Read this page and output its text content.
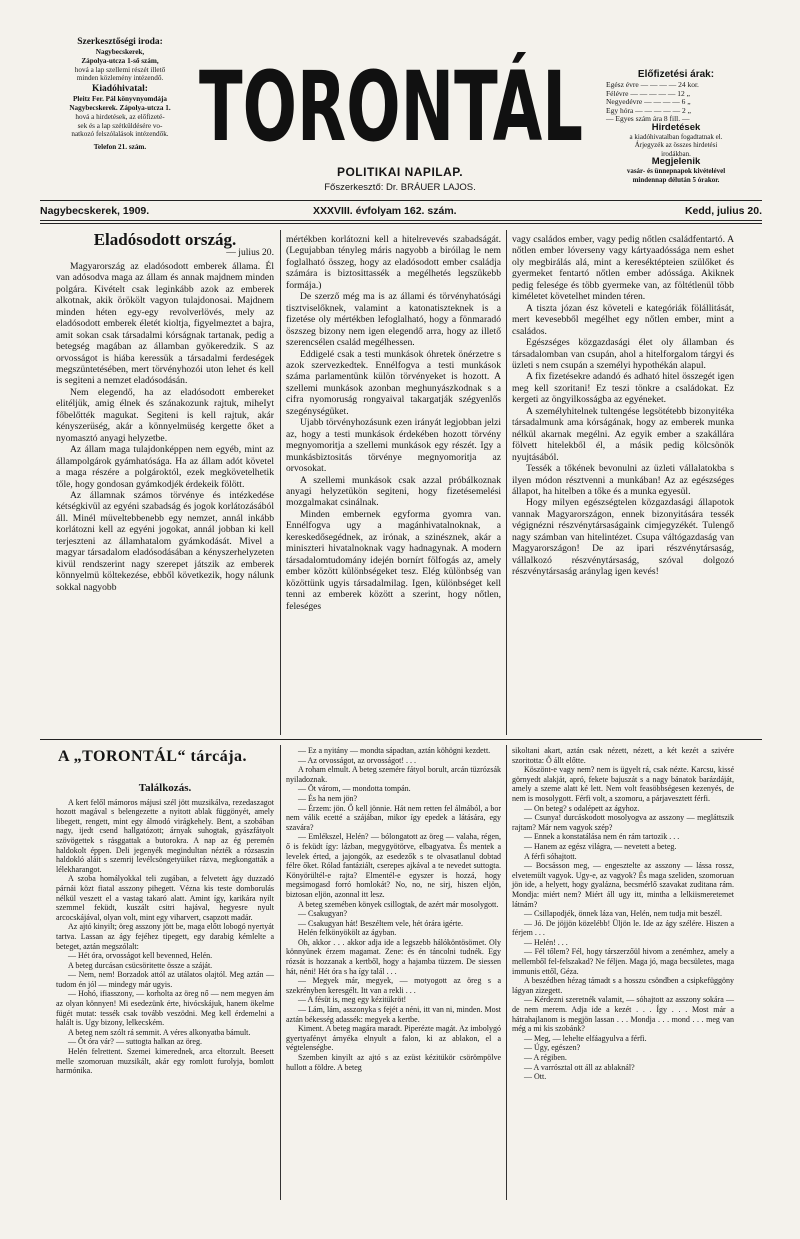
Szerkesztőségi iroda:
Nagybecskerek,
Zápolya-utcza 1-ső szám,
hová a lap szellemi részét illető
minden közlemény intézendő.
Kiadóhivatal:
Pleitz Fer. Pál könyvnyomdája
Nagybecskerek. Zápolya-utcza 1.
hová a hirdetések, az előfizeté-
sek és a lap szétküldésére vo-
natkozó felszólalások intézendők.
Telefon 21. szám. TORON
POLITIKAI NAPILAP.
Főszerkesztő: Dr. BRÁUER LAJOS.
Előfizetési árak:
Egész évre — — — — 24 kor.
Félévre — — — — — 12 „
Negyedévre — — — — 6 „
Egy hóra — — — — — 2 „
— Egyes szám ára 8 fill. —
Hirdetések
a kiadóhivatalban fogadtatnak el.
Árjegyzék az összes hirdetési
irodákban.
Megjelenik
vasár- és ünnepnapok kivételével
mindennap délután 5 órakor.
Nagybecskerek, 1909.	XXXVIII. évfolyam 162. szám.	Kedd, julius 20.
Eladósodott ország.
— julius 20.

Magyarország az eladósodott emberek állama. Él van adósodva maga az állam és annak majdnem minden polgára. Kivételt csak leginkább azok az emberek alkotnak, akik örökölt vagyon tulajdonosai. Majdnem minden héten egy-egy revolverlövés, mely az eladósodott emberek életét kioltja, figyelmeztet a bajra, amit sokan csak társadalmi kórságnak tartanak, pedig a betegség magában az államban gyökeredzik. S az orvosságot is hiába keressük a társadalmi ferdeségek megszüntetésében, mert törvényhozói uton lehet és kell is segiteni a nemzet eladósodásán.

Nem elegendő, ha az eladósodott embereket elitéljük, amig élnek és szánakozunk rajtuk, miheIyt főbelőtték magukat. Segiteni is kell rajtuk, akár kényszerüség, akár a könnyelmüség kergette őket a nyomasztó anyagi helyzetbe.

Az állam maga tulajdonképpen nem egyéb, mint az állampolgárok gyámhatósága. Ha az állam adót követel a maga részére a polgároktól, ezek megkövetelhetik tőle, hogy gondosan gyámkodjék érdekeik fölött.

Az államnak számos törvénye és intézkedése kétségkivül az egyéni szabadság és jogok korlátozásából áll. Minél müveltebbenebb egy nemzet, annál inkább korlátozni kell az egyéni jogokat, annál jobban ki kell terjeszteni az államhatalom gyámkodását. Mivel a magyar társadalom eladósodásában a kényszerhelyzeten kivül rendszerint nagy szerepet játszik az emberek könnyelmü költekezése, ebből következik, hogy nálunk sokkal nagyobb

mértékben korlátozni kell a hitelrevevés szabadságát. (Legujabban tényleg máris nagyobb a biróilag le nem foglalható összeg, hogy az eladósodott ember családja számára is biztosittassék a megélhetés legszükebb formája.)

De szerző még ma is az állami és törvényhatósági tisztviselőknek, valamint a katonatiszteknek is a fizetése oly mértékben lefoglalható, hogy a fönmaradó öszszeg bizony nem igen elegendő arra, hogy az illető szerencsélen család megélhessen.

Eddigelé csak a testi munkások óhretek önérzetre s azok szervezkedtek. Ennélfogva a testi munkások száma parlamentünk külön törvényeket is hozott. A szellemi munkások azonban meghunyászkodnak s a cifra nyomoruság rongyaival takargatják szégyenlős szegénységüket.

Ujabb törvényhozásunk ezen irányát legjobban jelzi az, hogy a testi munkások érdekében hozott törvény megnyomoritja a szellemi munkások egy részét. Igy a munkásbiztositás törvénye megnyomoritja az orvosokat.

A szellemi munkások csak azzal próbálkoznak anyagi helyzetükön segiteni, hogy fizetésemelési mozgalmakat csinálnak.

Minden embernek egyforma gyomra van. Ennélfogva ugy a magánhivatalnoknak, a kereskedősegédnek, az irónak, a szinésznek, akár a miniszteri hivatalnoknak vagy hadnagynak. A modern társadalomtudomány idején bornírt fölfogás az, amely ember között különbségeket tesz. Elég különbség van közöttünk ugyis társadalmilag. Igen, különbséget kell tenni az emberek között a szerint, hogy nőtlen, feleséges

vagy családos ember, vagy pedig nőtlen családfentartó. A nőtlen ember lóverseny vagy kártyaadóssága nem eshet oly megbirálás alá, mint a kereséktépteien szülőket és gyermeket fentartó nőtlen ember adóssága. Akiknek pedig felesége és több gyermeke van, az föltétlenül több kiméletet követelhet minden téren.

A tiszta józan ész követeli e kategóriák fölállitását, mert kevesebből megélhet egy nőtlen ember, mint a családos.

Egészséges közgazdasági élet oly államban és társadalomban van csupán, ahol a hitelforgalom tárgyi és üzleti s nem csupán a személyi hypothékán alapul.

A fix fizetésekre adandó és adható hitel összegét igen meg kell szoritani! Ez teszi tönkre a családokat. Ez kergeti az öngyilkosságba az egyéneket.

A személyhitelnek tultengése legsötétebb bizonyitéka társadalmunk ama kórságának, hogy az emberek munka nélkül akarnak megélni. Az egyik ember a szakállára fölvett hitelekből él, a másik pedig kölcsönök nyujtásából.

Tessék a tőkének bevonulni az üzleti vállalatokba s ilyen módon résztvenni a munkában! Az az egészséges állapot, ha hitelben a tőke és a munka egyesül.

Hogy milyen egészségtelen közgazdasági állapotok vannak Magyarországon, ennek bizonyitására tessék végignézni részvénytársaságaink cimjegyzékét. Tulengő nagy számban van hitelintézet. Csupa váltógazdaság van Magyarországon! De az ipari részvénytársaság, vállalkozó részvénytársaság, szóval dolgozó részvénytársaság aránylag igen kevés!

A „TORONTÁL“ tárcája.
Találkozás.

A kert felől mámoros májusi szél jött muzsikálva, rezedaszagot hozott magával s belengezette a nyitott ablak függönyét, amely libegett, rengett, mint egy álmodó virágkehely. Bent, a szobában nagy, ijedt csend hallgatózott; árnyak suhogtak, gyászfátyolt szövögettek s rásggattak a butorokra. A nap az ég peremén haldokolt éppen. Deli jegenyék megindultan nézték a rózsaszin haldokló aláit s szemrij levélcsöngetyüiket rázva, megkongatták a lélekharangot.

A szoba homályokkal teli zugában, a felvetett ágy duzzadó párnái közt fiatal asszony pihegett. Vézna kis teste domborulás nélkül veszett el a vastag takaró alatt. Amint így, karikára nyilt szemmel feküdt, kuszált csitri hajával, hegyesre nyult arcocskájával, olyan volt, mint egy viharvert, csapzott madár.

Az ajtó kinyilt; öreg asszony jött be, maga előtt lobogó nyertyát tartva. Lassan az ágy fejéhez tipegett, egy darabig kémlelte a beteget, aztán megszólalt:

— Hét óra, orvosságot kell bevenned, Helén.

A beteg durcásan csücsöritette össze a száját.

— Nem, nem! Borzadok attól az utálatos olajtól. Meg aztán — tudom én jól — mindegy már ugyis.

— Hohó, ifiasszony, — korholta az öreg nő — nem megyen ám az olyan könnyen! Mi esedezünk érte, hivócskájuk, hanem ökelme fügét mutat: tessék csak tovább veszödni. Meg kell érdemelni a halált is. Ugy bizony, lelkecském.

A beteg nem szólt rá semmit. A véres alkonyatba bámult.

— Öt óra vár? — suttogta halkan az öreg.

Helén felrettent. Szemei kimerednek, arca eltorzult. Beesett melle szomoruan muzsikált, akár egy romlott furolyja, bomlott harmónika.

— Ez a nyitány — mondta sápadtan, aztán köhögni kezdett.

— Az orvosságot, az orvosságot! . . .

A roham elmult. A beteg szemére fátyol borult, arcán tüzrózsák nyiladoznak.

— Öt várom, — mondotta tompán.

— És ha nem jön?

— Érzem: jön. Ő kell jönnie. Hát nem retten fel álmából, a bor nem válik ecetté a szájában, mikor így epedek a látására, egy szavára?

— Emlékszel, Helén? — bólongatott az öreg — valaha, régen, ő is feküdt így: lázban, megygyötörve, elbagyatva. És mentek a levelek érted, a jajongók, az esedezők s te olvasatlanul dobtad félre őket. Rólad fantáziált, cserepes ajkával a te nevedet suttogta. Könyörültél-e rajta? Elmentél-e egyszer is hozzá, hogy megsimogasd forró homlokát? No, no, ne sirj, hiszen eljön, biztosan eljön, azonnal itt lesz.

A beteg szemében könyek csillogtak, de azért már mosolygott.

— Csakugyan?

— Csakugyan hát! Beszéltem vele, hét órára igérte.

Helén felkönyökölt az ágyban.

Oh, akkor . . . akkor adja ide a legszebb hálóköntösömet. Oly könnyünek érzem magamat. Zene: és én táncolni tudnék. Egy rózsát is hozzanak a kertből, hogy a hajamba tüzzem. De siessen hát, néni! Hét óra s ha így talál . . .

— Megyek már, megyek, — motyogott az öreg s a szekrényben keresgélt. Itt van a rekli . . .

— A fésüt is, meg egy kézitükröt!

— Lám, lám, asszonyka s fejét a néni, itt van ni, minden. Most aztán békesség adassék: megyek a kertbe.

Kiment. A beteg magára maradt. Piperézte magát. Az imbolygó gyertyafényt árnyéka elnyult a falon, ki az ablakon, el a végtelenségbe.

Szemben kinyilt az ajtó s az ezüst kézitükör csörömpölve hullott a földre. A beteg

sikoltani akart, aztán csak nézett, nézett, a két kezét a szivére szoritotta: Ő állt előtte.

Köszönt-e vagy nem? nem is ügyelt rá, csak nézte. Karcsu, kissé görnyedt alakját, apró, fekete bajuszát s a nagy bánatok barázdáját, amely a szeme alatt ké lett. Nem volt feasöbbségesen kezenyés, de nem is mosolygott. Férfi volt, a szomoru, a párjavesztett férfi.

— On beteg? s odalépett az ágyhoz.

— Csunya! durcáskodott mosolyogva az asszony — megláttszik rajtam? Már nem vagyok szép?

— Ennek a konstatálása nem én rám tartozik . . .

— Hanem az egész világra, — nevetett a beteg.

A férfi sóhajtott.

— Bocsásson meg, — engesztelte az asszony — lássa rossz, elvetemült vagyok. Ugy-e, az vagyok? És maga szeliden, szomoruan jön ide, a helyett, hogy gyalázna, becsmérlő szavakat zuditana rám. Mondja: miért nem? Miért áll ugy itt, mintha a lelkiismeretemet látnám?

— Csillapodjék, önnek láza van, Helén, nem tudja mit beszél.

— Jó. De jöjjön közelébb! Üljön le. Ide az ágy szélére. Hiszen a férjem . . .

— Helén! . . .

— Fél tőlem? Fél, hogy társzerzőül hivom a zenémhez, amely a mellemből fel-felszakad? Ne féljen. Maga jó, maga becsületes, maga immunis ettől, Géza.

A beszédben hézag támadt s a hosszu csöndben a csipkefüggöny lágyan zizegett.

— Kérdezni szeretnék valamit, — sóhajtott az asszony sokára — de nem merem. Adja ide a kezét . . . Így . . . Most már a hátrahajlanom is megjön lassan . . . Mondja . . . mond . . . meg van még a mi kis szobánk?

— Meg, — lehelte elfáagyulva a férfi.

— Úgy, egészen?

— A régiben.

— A varrósztal ott áll az ablaknál?

— Ott.
